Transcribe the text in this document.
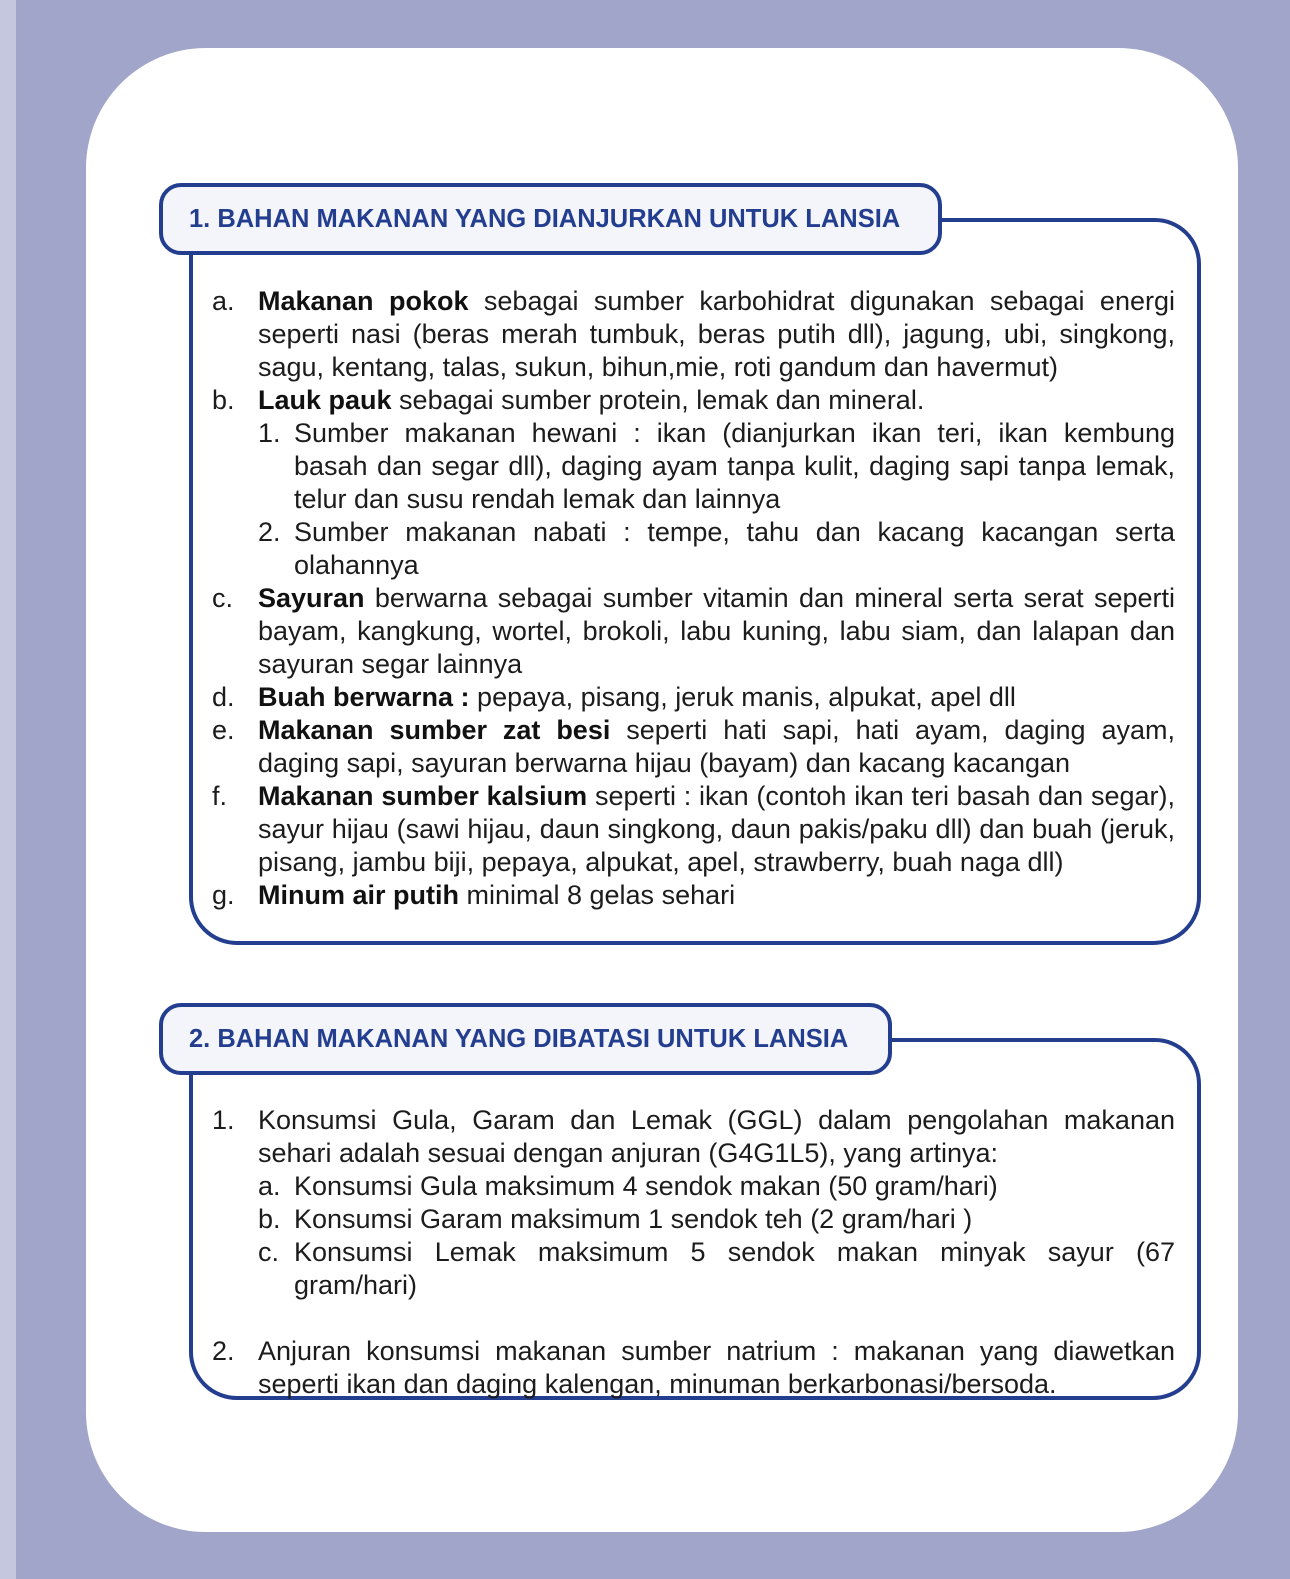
1. BAHAN MAKANAN YANG DIANJURKAN UNTUK LANSIA
a. Makanan pokok sebagai sumber karbohidrat digunakan sebagai energi seperti nasi (beras merah tumbuk, beras putih dll), jagung, ubi, singkong, sagu, kentang, talas, sukun, bihun,mie, roti gandum dan havermut)
b. Lauk pauk sebagai sumber protein, lemak dan mineral.
1. Sumber makanan hewani : ikan (dianjurkan ikan teri, ikan kembung basah dan segar dll), daging ayam tanpa kulit, daging sapi tanpa lemak, telur dan susu rendah lemak dan lainnya
2. Sumber makanan nabati : tempe, tahu dan kacang kacangan serta olahannya
c. Sayuran berwarna sebagai sumber vitamin dan mineral serta serat seperti bayam, kangkung, wortel, brokoli, labu kuning, labu siam, dan lalapan dan sayuran segar lainnya
d. Buah berwarna : pepaya, pisang, jeruk manis, alpukat, apel dll
e. Makanan sumber zat besi seperti hati sapi, hati ayam, daging ayam, daging sapi, sayuran berwarna hijau (bayam) dan kacang kacangan
f.	Makanan sumber kalsium seperti : ikan (contoh ikan teri basah dan segar), sayur hijau (sawi hijau, daun singkong, daun pakis/paku dll) dan buah (jeruk, pisang, jambu biji, pepaya, alpukat, apel, strawberry, buah naga dll)
g. Minum air putih minimal 8 gelas sehari
2. BAHAN MAKANAN YANG DIBATASI UNTUK LANSIA
1. Konsumsi Gula, Garam dan Lemak (GGL) dalam pengolahan makanan sehari adalah sesuai dengan anjuran (G4G1L5), yang artinya:
a. Konsumsi Gula maksimum 4 sendok makan (50 gram/hari)
b. Konsumsi Garam maksimum 1 sendok teh (2 gram/hari )
c. Konsumsi Lemak maksimum 5 sendok makan minyak sayur (67 gram/hari)
2. Anjuran konsumsi makanan sumber natrium : makanan yang diawetkan seperti ikan dan daging kalengan, minuman berkarbonasi/bersoda.
